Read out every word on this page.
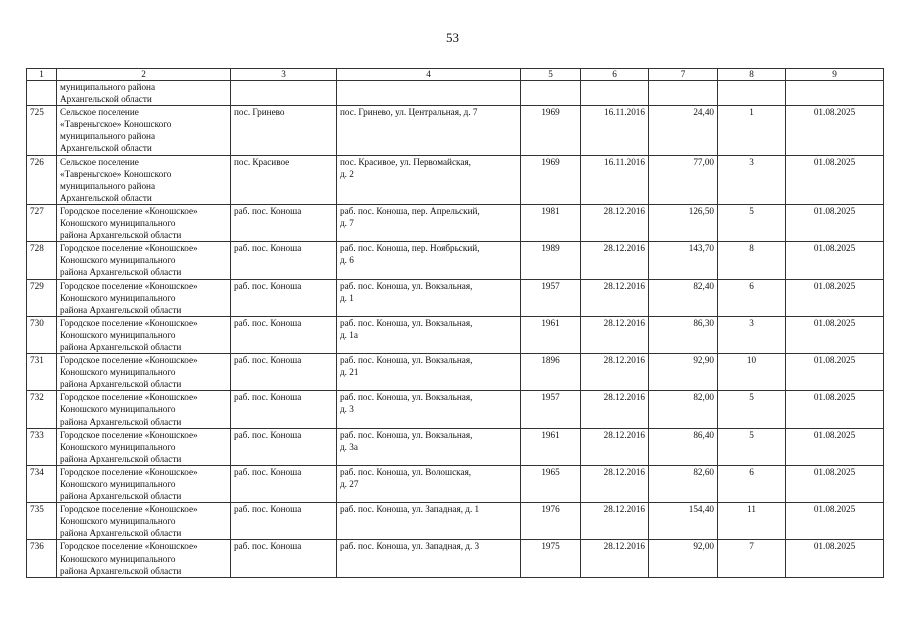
53
1	2	3	4	5	6	7	8	9
	муниципального района
Архангельской области							
725	Сельское поселение
«Тавреньгское» Коношского
муниципального района
Архангельской области	пос. Гринево	пос. Гринево, ул. Центральная, д. 7	1969	16.11.2016	24,40	1	01.08.2025
726	Сельское поселение
«Тавреньгское» Коношского
муниципального района
Архангельской области	пос. Красивое	пос. Красивое, ул. Первомайская,
д. 2	1969	16.11.2016	77,00	3	01.08.2025
727	Городское поселение «Коношское»
Коношского муниципального
района Архангельской области	раб. пос. Коноша	раб. пос. Коноша, пер. Апрельский,
д. 7	1981	28.12.2016	126,50	5	01.08.2025
728	Городское поселение «Коношское»
Коношского муниципального
района Архангельской области	раб. пос. Коноша	раб. пос. Коноша, пер. Ноябрьский,
д. 6	1989	28.12.2016	143,70	8	01.08.2025
729	Городское поселение «Коношское»
Коношского муниципального
района Архангельской области	раб. пос. Коноша	раб. пос. Коноша, ул. Вокзальная,
д. 1	1957	28.12.2016	82,40	6	01.08.2025
730	Городское поселение «Коношское»
Коношского муниципального
района Архангельской области	раб. пос. Коноша	раб. пос. Коноша, ул. Вокзальная,
д. 1а	1961	28.12.2016	86,30	3	01.08.2025
731	Городское поселение «Коношское»
Коношского муниципального
района Архангельской области	раб. пос. Коноша	раб. пос. Коноша, ул. Вокзальная,
д. 21	1896	28.12.2016	92,90	10	01.08.2025
732	Городское поселение «Коношское»
Коношского муниципального
района Архангельской области	раб. пос. Коноша	раб. пос. Коноша, ул. Вокзальная,
д. 3	1957	28.12.2016	82,00	5	01.08.2025
733	Городское поселение «Коношское»
Коношского муниципального
района Архангельской области	раб. пос. Коноша	раб. пос. Коноша, ул. Вокзальная,
д. 3а	1961	28.12.2016	86,40	5	01.08.2025
734	Городское поселение «Коношское»
Коношского муниципального
района Архангельской области	раб. пос. Коноша	раб. пос. Коноша, ул. Волошская,
д. 27	1965	28.12.2016	82,60	6	01.08.2025
735	Городское поселение «Коношское»
Коношского муниципального
района Архангельской области	раб. пос. Коноша	раб. пос. Коноша, ул. Западная, д. 1	1976	28.12.2016	154,40	11	01.08.2025
736	Городское поселение «Коношское»
Коношского муниципального
района Архангельской области	раб. пос. Коноша	раб. пос. Коноша, ул. Западная, д. 3	1975	28.12.2016	92,00	7	01.08.2025
